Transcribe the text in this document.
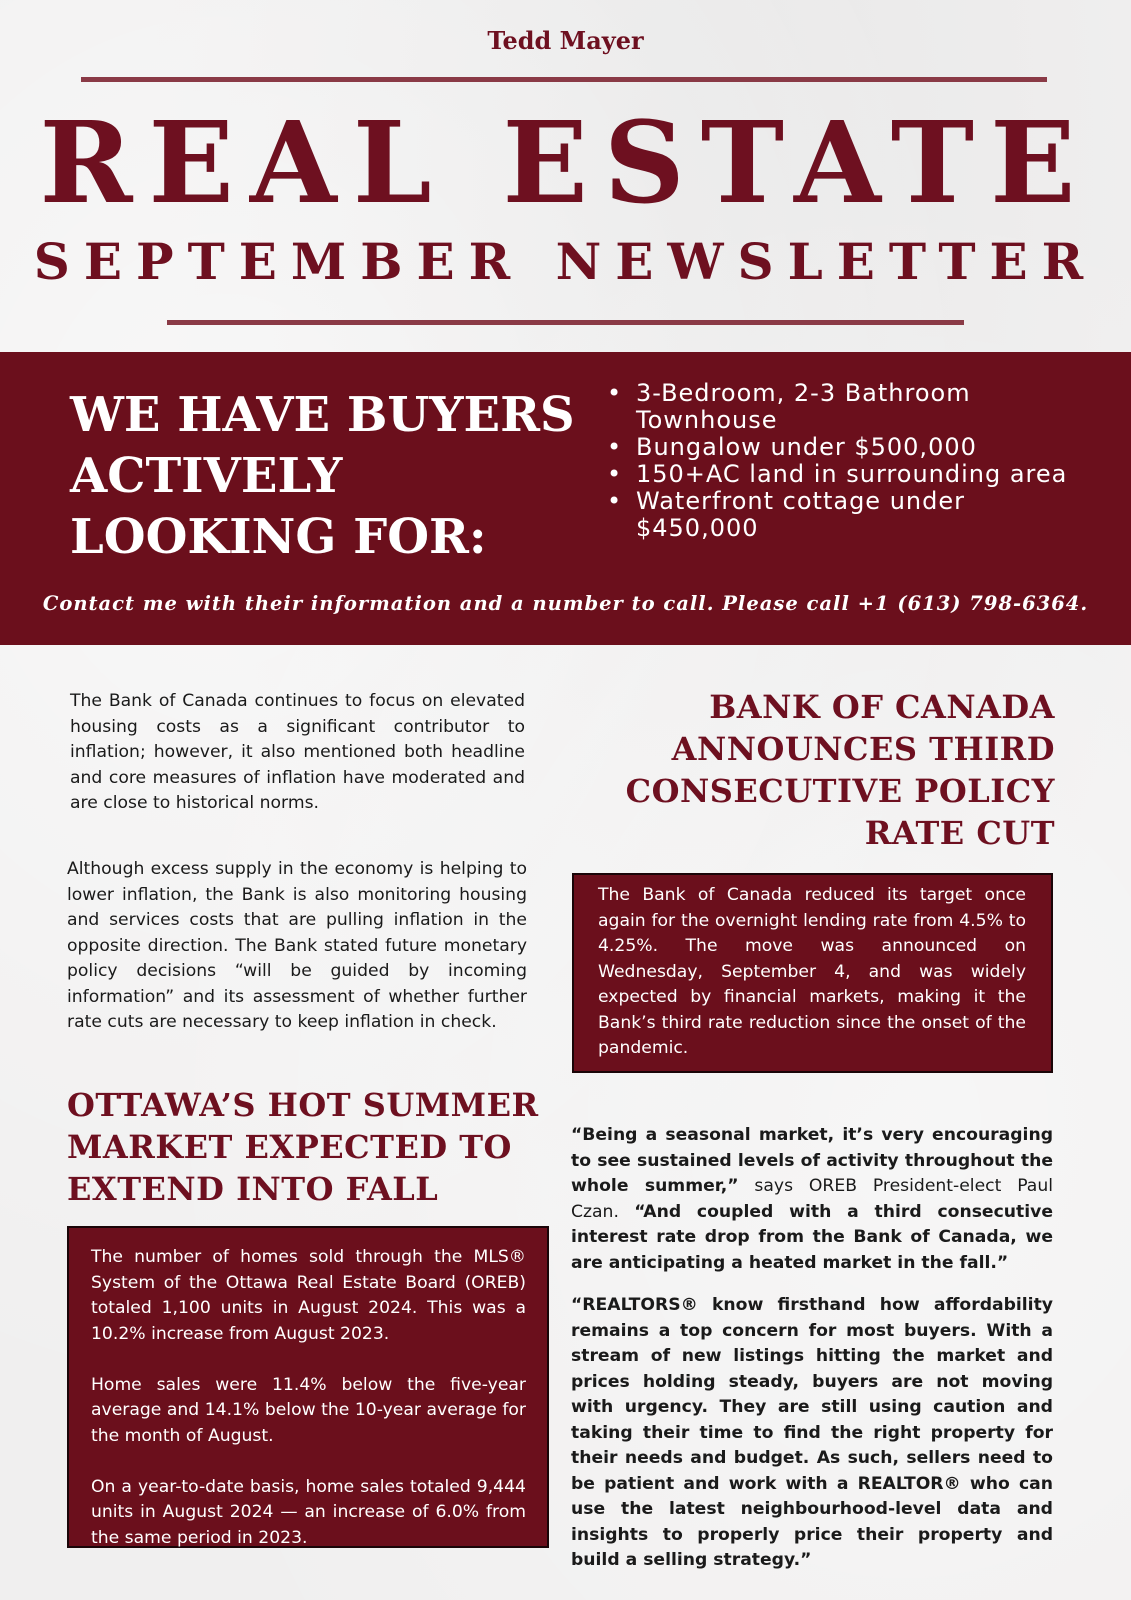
Tedd Mayer
REAL ESTATE
SEPTEMBER NEWSLETTER
WE HAVE BUYERS ACTIVELY LOOKING FOR:
• 3-Bedroom, 2-3 Bathroom Townhouse
• Bungalow under $500,000
• 150+AC land in surrounding area
• Waterfront cottage under $450,000
Contact me with their information and a number to call. Please call +1 (613) 798-6364.

The Bank of Canada continues to focus on elevated housing costs as a significant contributor to inflation; however, it also mentioned both headline and core measures of inflation have moderated and are close to historical norms.

Although excess supply in the economy is helping to lower inflation, the Bank is also monitoring housing and services costs that are pulling inflation in the opposite direction. The Bank stated future monetary policy decisions “will be guided by incoming information” and its assessment of whether further rate cuts are necessary to keep inflation in check.

BANK OF CANADA ANNOUNCES THIRD CONSECUTIVE POLICY RATE CUT

The Bank of Canada reduced its target once again for the overnight lending rate from 4.5% to 4.25%. The move was announced on Wednesday, September 4, and was widely expected by financial markets, making it the Bank’s third rate reduction since the onset of the pandemic.

OTTAWA’S HOT SUMMER MARKET EXPECTED TO EXTEND INTO FALL

The number of homes sold through the MLS® System of the Ottawa Real Estate Board (OREB) totaled 1,100 units in August 2024. This was a 10.2% increase from August 2023.

Home sales were 11.4% below the five-year average and 14.1% below the 10-year average for the month of August.

On a year-to-date basis, home sales totaled 9,444 units in August 2024 — an increase of 6.0% from the same period in 2023.

“Being a seasonal market, it’s very encouraging to see sustained levels of activity throughout the whole summer,” says OREB President-elect Paul Czan. “And coupled with a third consecutive interest rate drop from the Bank of Canada, we are anticipating a heated market in the fall.”

“REALTORS® know firsthand how affordability remains a top concern for most buyers. With a stream of new listings hitting the market and prices holding steady, buyers are not moving with urgency. They are still using caution and taking their time to find the right property for their needs and budget. As such, sellers need to be patient and work with a REALTOR® who can use the latest neighbourhood-level data and insights to properly price their property and build a selling strategy.”
